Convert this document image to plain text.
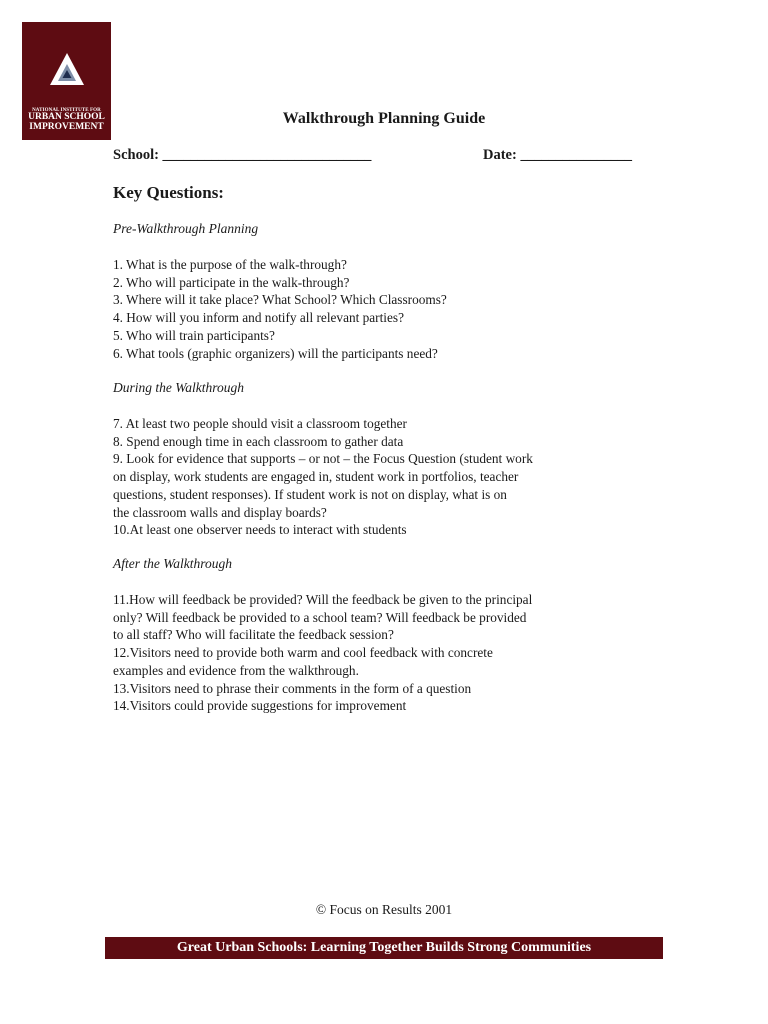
NATIONAL INSTITUTE FOR
URBAN SCHOOL
IMPROVEMENT
Walkthrough Planning Guide
School: ______________________________	Date: ________________
Key Questions:
Pre-Walkthrough Planning
1. What is the purpose of the walk-through?
2. Who will participate in the walk-through?
3. Where will it take place? What School? Which Classrooms?
4. How will you inform and notify all relevant parties?
5. Who will train participants?
6. What tools (graphic organizers) will the participants need?
During the Walkthrough
7. At least two people should visit a classroom together
8. Spend enough time in each classroom to gather data
9. Look for evidence that supports – or not – the Focus Question (student work
on display, work students are engaged in, student work in portfolios, teacher
questions, student responses). If student work is not on display, what is on
the classroom walls and display boards?
10.At least one observer needs to interact with students
After the Walkthrough
11.How will feedback be provided? Will the feedback be given to the principal
only? Will feedback be provided to a school team? Will feedback be provided
to all staff? Who will facilitate the feedback session?
12.Visitors need to provide both warm and cool feedback with concrete
examples and evidence from the walkthrough.
13.Visitors need to phrase their comments in the form of a question
14.Visitors could provide suggestions for improvement
© Focus on Results 2001
Great Urban Schools: Learning Together Builds Strong Communities
